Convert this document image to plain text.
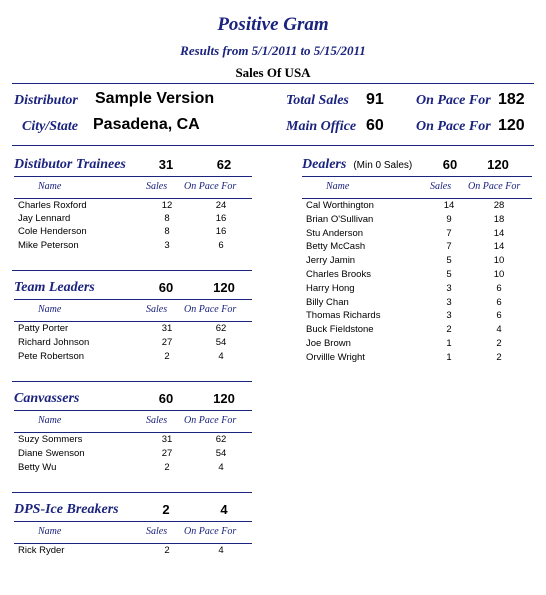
Positive Gram
Results from 5/1/2011 to 5/15/2011
Sales Of USA
Distributor Sample Version
City/State Pasadena, CA
Total Sales 91
Main Office 60
On Pace For 182
On Pace For 120
Distibutor Trainees	31	62
Name	Sales On Pace For
Charles Roxford	12	24
Jay Lennard	8	16
Cole Henderson	8	16
Mike Peterson	3	6
Team Leaders	60	120
Name	Sales On Pace For
Patty Porter	31	62
Richard Johnson	27	54
Pete Robertson	2	4
Canvassers	60	120
Name	Sales On Pace For
Suzy Sommers	31	62
Diane Swenson	27	54
Betty Wu	2	4
DPS-Ice Breakers	2	4
Name	Sales On Pace For
Rick Ryder	2	4
Dealers (Min 0 Sales)	60	120
Name	Sales On Pace For
Cal Worthington	14	28
Brian O'Sullivan	9	18
Stu Anderson	7	14
Betty McCash	7	14
Jerry Jamin	5	10
Charles Brooks	5	10
Harry Hong	3	6
Billy Chan	3	6
Thomas Richards	3	6
Buck Fieldstone	2	4
Joe Brown	1	2
Orvillle Wright	1	2
